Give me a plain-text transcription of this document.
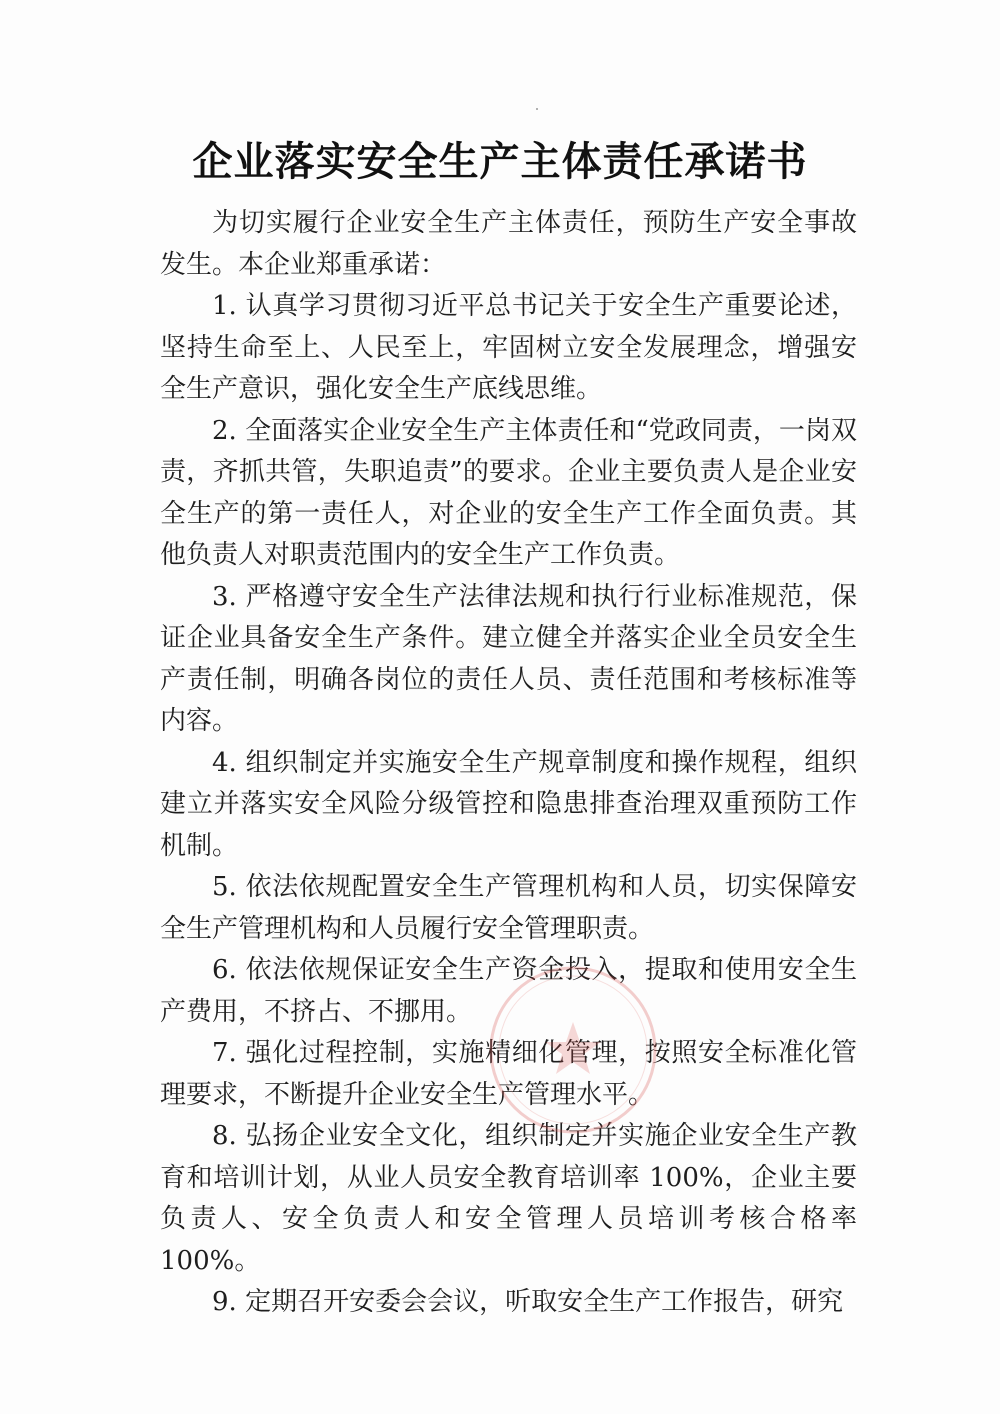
企业落实安全生产主体责任承诺书

为切实履行企业安全生产主体责任，预防生产安全事故发生。本企业郑重承诺：

1. 认真学习贯彻习近平总书记关于安全生产重要论述，坚持生命至上、人民至上，牢固树立安全发展理念，增强安全生产意识，强化安全生产底线思维。

2. 全面落实企业安全生产主体责任和“党政同责，一岗双责，齐抓共管，失职追责”的要求。企业主要负责人是企业安全生产的第一责任人，对企业的安全生产工作全面负责。其他负责人对职责范围内的安全生产工作负责。

3. 严格遵守安全生产法律法规和执行行业标准规范，保证企业具备安全生产条件。建立健全并落实企业全员安全生产责任制，明确各岗位的责任人员、责任范围和考核标准等内容。

4. 组织制定并实施安全生产规章制度和操作规程，组织建立并落实安全风险分级管控和隐患排查治理双重预防工作机制。

5. 依法依规配置安全生产管理机构和人员，切实保障安全生产管理机构和人员履行安全管理职责。

6. 依法依规保证安全生产资金投入，提取和使用安全生产费用，不挤占、不挪用。

7. 强化过程控制，实施精细化管理，按照安全标准化管理要求，不断提升企业安全生产管理水平。

8. 弘扬企业安全文化，组织制定并实施企业安全生产教育和培训计划，从业人员安全教育培训率 100%，企业主要负责人、安全负责人和安全管理人员培训考核合格率 100%。

9. 定期召开安委会会议，听取安全生产工作报告，研究
